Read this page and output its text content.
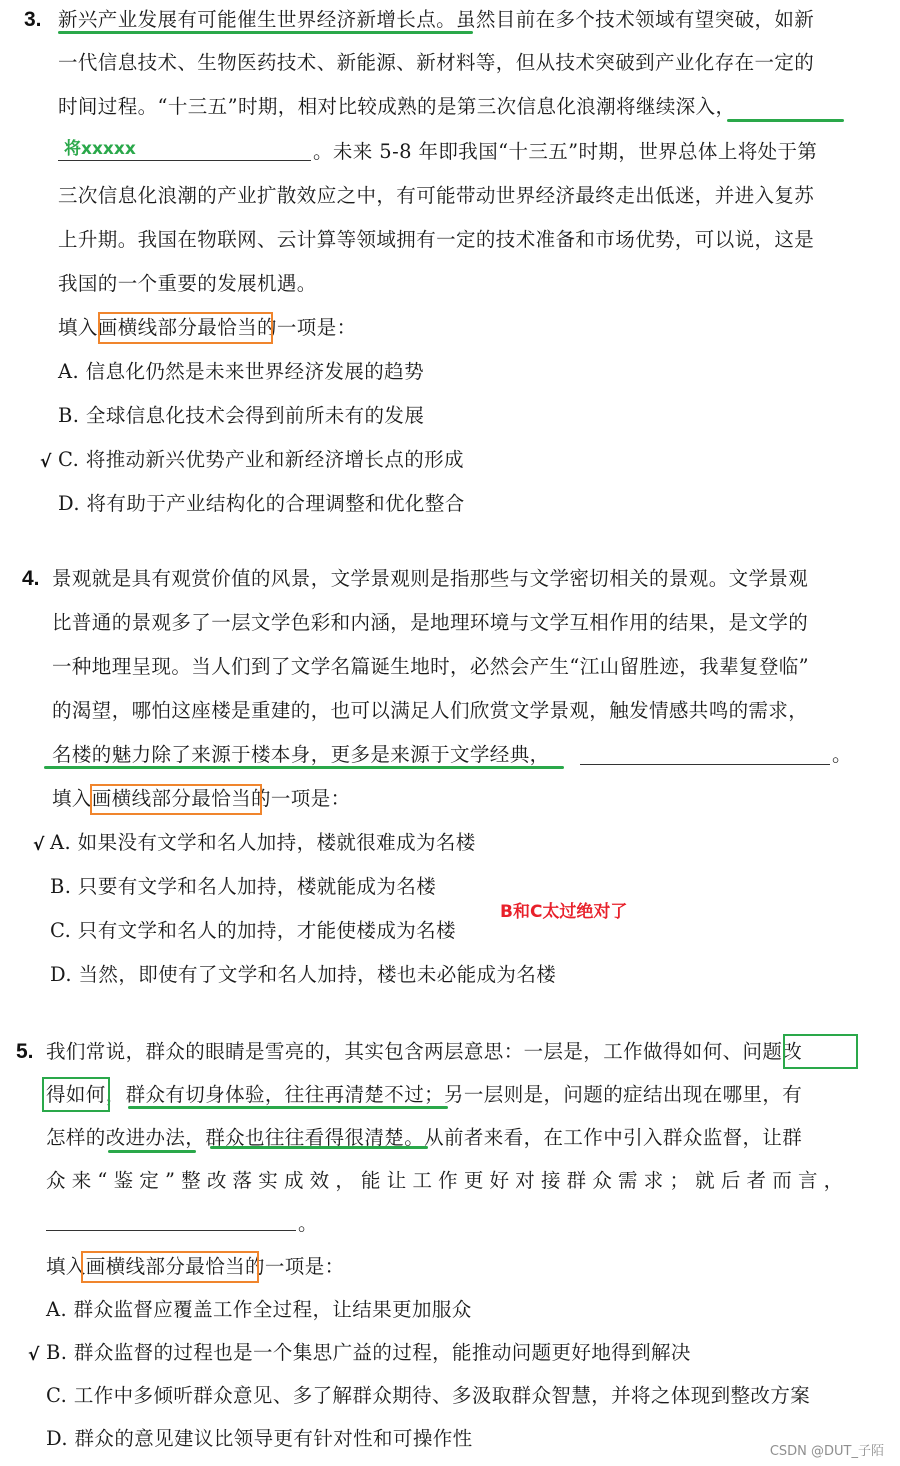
3. 新兴产业发展有可能催生世界经济新增长点。虽然目前在多个技术领域有望突破，如新
一代信息技术、生物医药技术、新能源、新材料等，但从技术突破到产业化存在一定的
时间过程。“十三五”时期，相对比较成熟的是第三次信息化浪潮将继续深入，
将xxxxx	。未来 5-8 年即我国“十三五”时期，世界总体上将处于第
三次信息化浪潮的产业扩散效应之中，有可能带动世界经济最终走出低迷，并进入复苏
上升期。我国在物联网、云计算等领域拥有一定的技术准备和市场优势，可以说，这是
我国的一个重要的发展机遇。
填入画横线部分最恰当的一项是：
A. 信息化仍然是未来世界经济发展的趋势
B. 全球信息化技术会得到前所未有的发展
√ C. 将推动新兴优势产业和新经济增长点的形成
D. 将有助于产业结构化的合理调整和优化整合
4. 景观就是具有观赏价值的风景，文学景观则是指那些与文学密切相关的景观。文学景观
比普通的景观多了一层文学色彩和内涵，是地理环境与文学互相作用的结果，是文学的
一种地理呈现。当人们到了文学名篇诞生地时，必然会产生“江山留胜迹，我辈复登临”
的渴望，哪怕这座楼是重建的，也可以满足人们欣赏文学景观，触发情感共鸣的需求，
名楼的魅力除了来源于楼本身，更多是来源于文学经典，	。
填入画横线部分最恰当的一项是：
√ A. 如果没有文学和名人加持，楼就很难成为名楼
B. 只要有文学和名人加持，楼就能成为名楼
C. 只有文学和名人的加持，才能使楼成为名楼
B和C太过绝对了
D. 当然，即使有了文学和名人加持，楼也未必能成为名楼
5. 我们常说，群众的眼睛是雪亮的，其实包含两层意思：一层是，工作做得如何、问题改
得如何，群众有切身体验，往往再清楚不过；另一层则是，问题的症结出现在哪里，有
怎样的改进办法，群众也往往看得很清楚。从前者来看，在工作中引入群众监督，让群
众来“鉴定”整改落实成效，能让工作更好对接群众需求；就后者而言，
。
填入画横线部分最恰当的一项是：
A. 群众监督应覆盖工作全过程，让结果更加服众
√ B. 群众监督的过程也是一个集思广益的过程，能推动问题更好地得到解决
C. 工作中多倾听群众意见、多了解群众期待、多汲取群众智慧，并将之体现到整改方案
D. 群众的意见建议比领导更有针对性和可操作性
CSDN @DUT_子陌
